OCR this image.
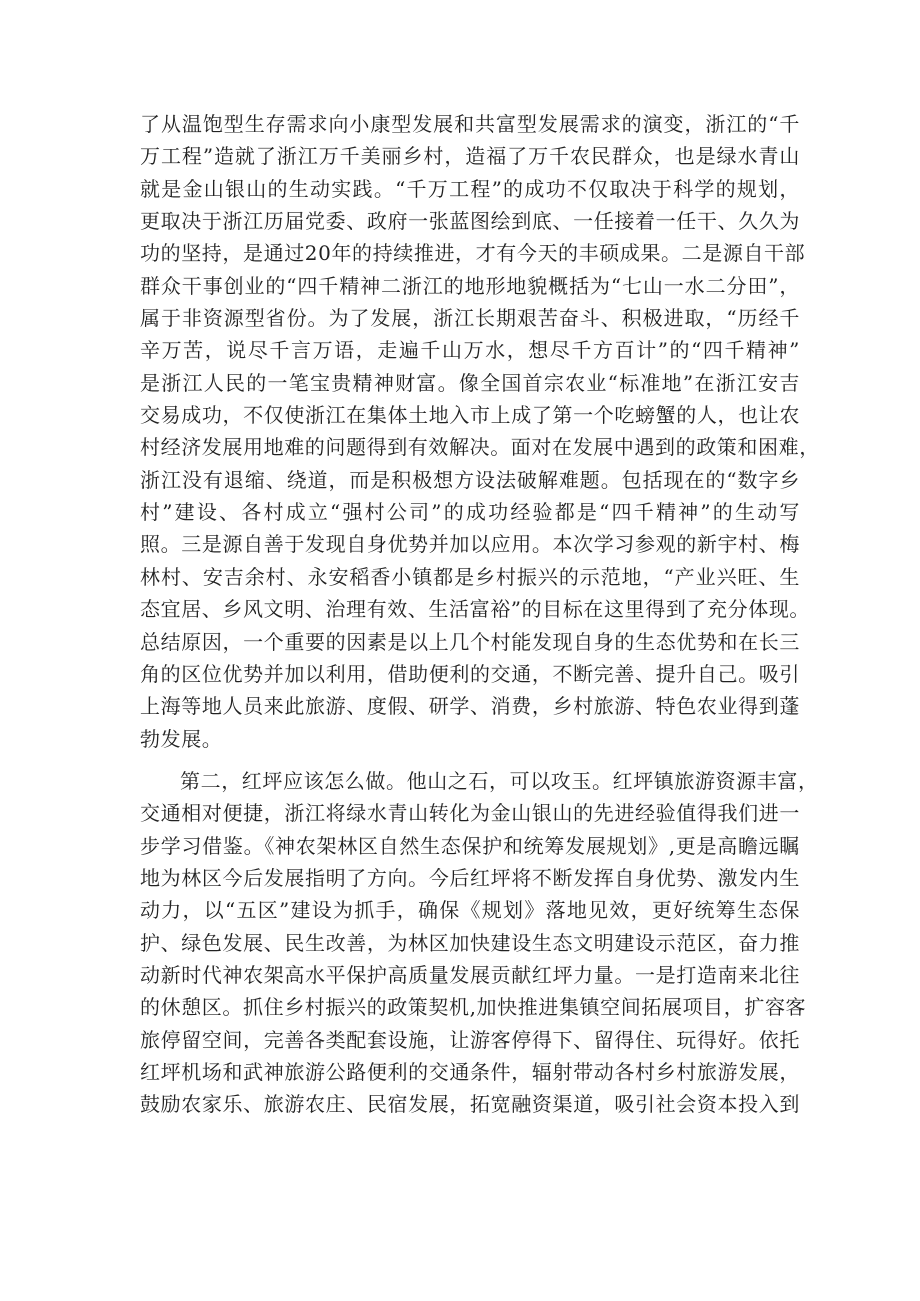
了从温饱型生存需求向小康型发展和共富型发展需求的演变，浙江的“千
万工程”造就了浙江万千美丽乡村，造福了万千农民群众，也是绿水青山
就是金山银山的生动实践。“千万工程”的成功不仅取决于科学的规划，
更取决于浙江历届党委、政府一张蓝图绘到底、一任接着一任干、久久为
功的坚持，是通过20年的持续推进，才有今天的丰硕成果。二是源自干部
群众干事创业的“四千精神二浙江的地形地貌概括为“七山一水二分田”，
属于非资源型省份。为了发展，浙江长期艰苦奋斗、积极进取，“历经千
辛万苦，说尽千言万语，走遍千山万水，想尽千方百计”的“四千精神”
是浙江人民的一笔宝贵精神财富。像全国首宗农业“标准地”在浙江安吉
交易成功，不仅使浙江在集体土地入市上成了第一个吃螃蟹的人，也让农
村经济发展用地难的问题得到有效解决。面对在发展中遇到的政策和困难，
浙江没有退缩、绕道，而是积极想方设法破解难题。包括现在的“数字乡
村”建设、各村成立“强村公司”的成功经验都是“四千精神”的生动写
照。三是源自善于发现自身优势并加以应用。本次学习参观的新宇村、梅
林村、安吉余村、永安稻香小镇都是乡村振兴的示范地，“产业兴旺、生
态宜居、乡风文明、治理有效、生活富裕”的目标在这里得到了充分体现。
总结原因，一个重要的因素是以上几个村能发现自身的生态优势和在长三
角的区位优势并加以利用，借助便利的交通，不断完善、提升自己。吸引
上海等地人员来此旅游、度假、研学、消费，乡村旅游、特色农业得到蓬
勃发展。
第二，红坪应该怎么做。他山之石，可以攻玉。红坪镇旅游资源丰富，
交通相对便捷，浙江将绿水青山转化为金山银山的先进经验值得我们进一
步学习借鉴。《神农架林区自然生态保护和统筹发展规划》,更是高瞻远瞩
地为林区今后发展指明了方向。今后红坪将不断发挥自身优势、激发内生
动力，以“五区”建设为抓手，确保《规划》落地见效，更好统筹生态保
护、绿色发展、民生改善，为林区加快建设生态文明建设示范区，奋力推
动新时代神农架高水平保护高质量发展贡献红坪力量。一是打造南来北往
的休憩区。抓住乡村振兴的政策契机,加快推进集镇空间拓展项目，扩容客
旅停留空间，完善各类配套设施，让游客停得下、留得住、玩得好。依托
红坪机场和武神旅游公路便利的交通条件，辐射带动各村乡村旅游发展，
鼓励农家乐、旅游农庄、民宿发展，拓宽融资渠道，吸引社会资本投入到
